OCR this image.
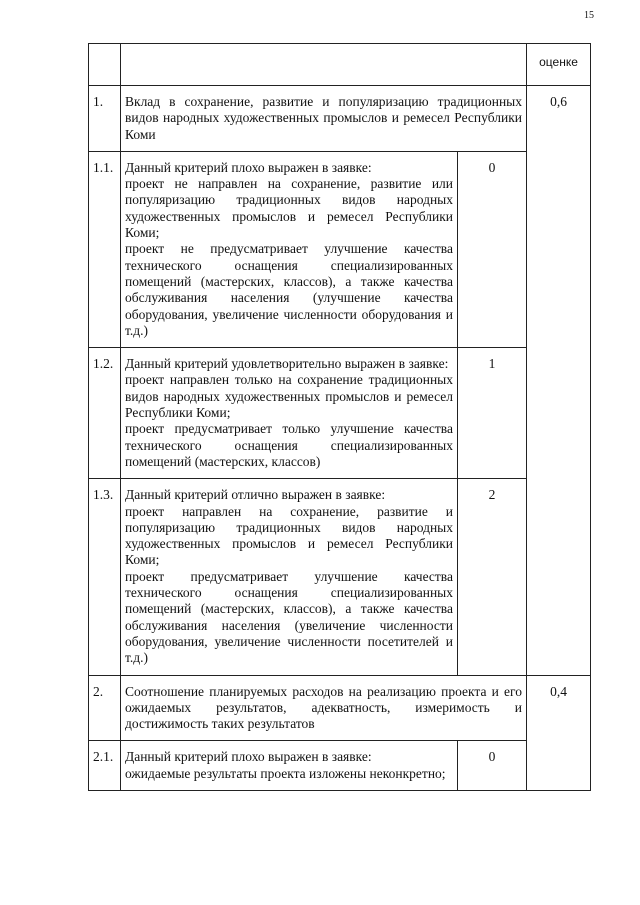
15
			оценке
1.	Вклад в сохранение, развитие и популяризацию традиционных видов народных художественных промыслов и ремесел Республики Коми		0,6
1.1.	Данный критерий плохо выражен в заявке:
проект не направлен на сохранение, развитие или популяризацию традиционных видов народных художественных промыслов и ремесел Республики Коми;
проект не предусматривает улучшение качества технического оснащения специализированных помещений (мастерских, классов), а также качества обслуживания населения (улучшение качества оборудования, увеличение численности оборудования и т.д.)	0	
1.2.	Данный критерий удовлетворительно выражен в заявке:
проект направлен только на сохранение традиционных видов народных художественных промыслов и ремесел Республики Коми;
проект предусматривает только улучшение качества технического оснащения специализированных помещений (мастерских, классов)	1	
1.3.	Данный критерий отлично выражен в заявке:
проект направлен на сохранение, развитие и популяризацию традиционных видов народных художественных промыслов и ремесел Республики Коми;
проект предусматривает улучшение качества технического оснащения специализированных помещений (мастерских, классов), а также качества обслуживания населения (увеличение численности оборудования, увеличение численности посетителей и т.д.)	2	
2.	Соотношение планируемых расходов на реализацию проекта и его ожидаемых результатов, адекватность, измеримость и достижимость таких результатов		0,4
2.1.	Данный критерий плохо выражен в заявке:
ожидаемые результаты проекта изложены неконкретно;	0	
